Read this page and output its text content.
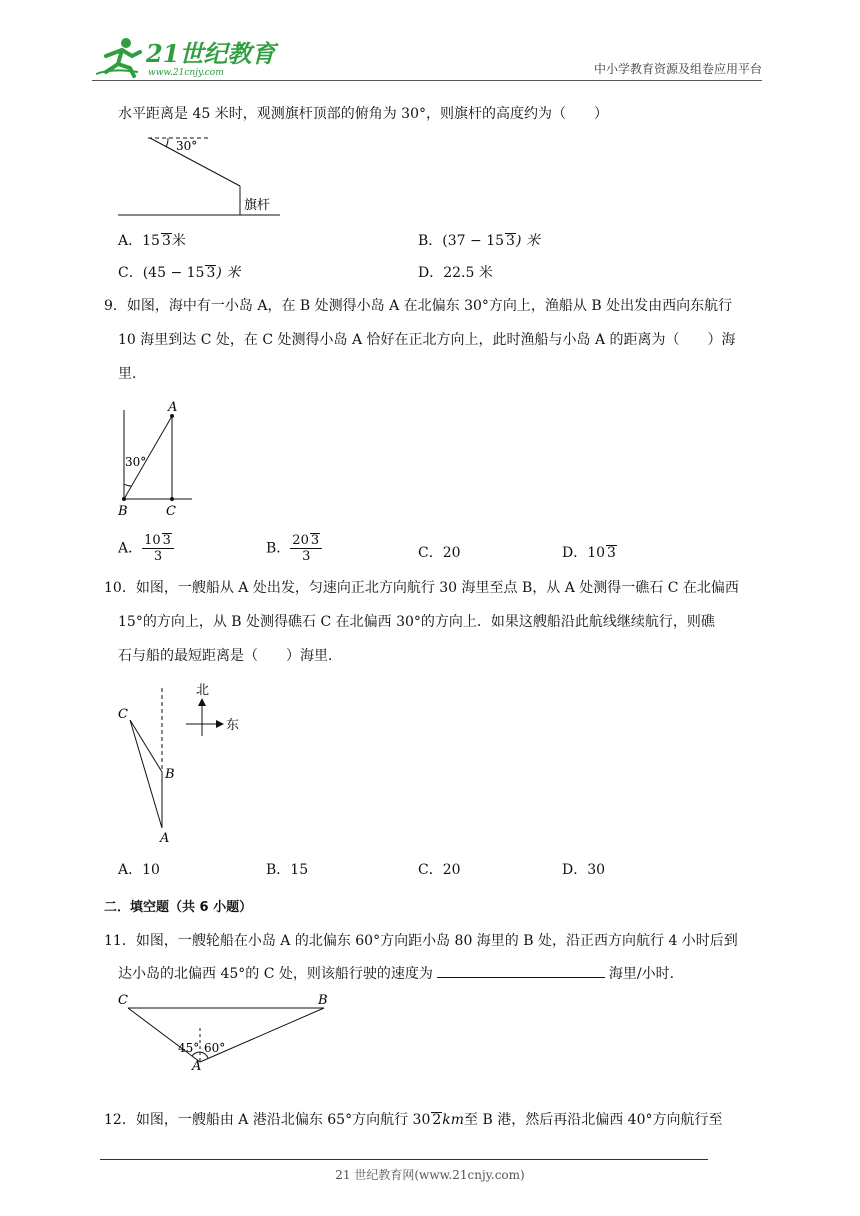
21世纪教育
www.21cnjy.com	中小学教育资源及组卷应用平台
水平距离是 45 米时，观测旗杆顶部的俯角为 30°，则旗杆的高度约为（　　）
30°
旗杆
A．15 3米	B．(37 − 15 3) 米
C．(45 − 15 3) 米	D．22.5 米
9．如图，海中有一小岛 A，在 B 处测得小岛 A 在北偏东 30°方向上，渔船从 B 处出发由西向东航行
10 海里到达 C 处，在 C 处测得小岛 A 恰好在正北方向上，此时渔船与小岛 A 的距离为（　　）海
里．
30°
A
B	C
A． $\frac{10 3}{3}$	B． $\frac{20 3}{3}$	C．20	D．10 3
10．如图，一艘船从 A 处出发，匀速向正北方向航行 30 海里至点 B，从 A 处测得一礁石 C 在北偏西
15°的方向上，从 B 处测得礁石 C 在北偏西 30°的方向上．如果这艘船沿此航线继续航行，则礁
石与船的最短距离是（　　）海里．
C
B
A
北
东
A．10	B．15	C．20	D．30
二．填空题（共 6 小题）
11．如图，一艘轮船在小岛 A 的北偏东 60°方向距小岛 80 海里的 B 处，沿正西方向航行 4 小时后到
达小岛的北偏西 45°的 C 处，则该船行驶的速度为	海里/小时．
C	B
A
45° 60°
12．如图，一艘船由 A 港沿北偏东 65°方向航行 30 2km至 B 港，然后再沿北偏西 40°方向航行至
21 世纪教育网(www.21cnjy.com)
